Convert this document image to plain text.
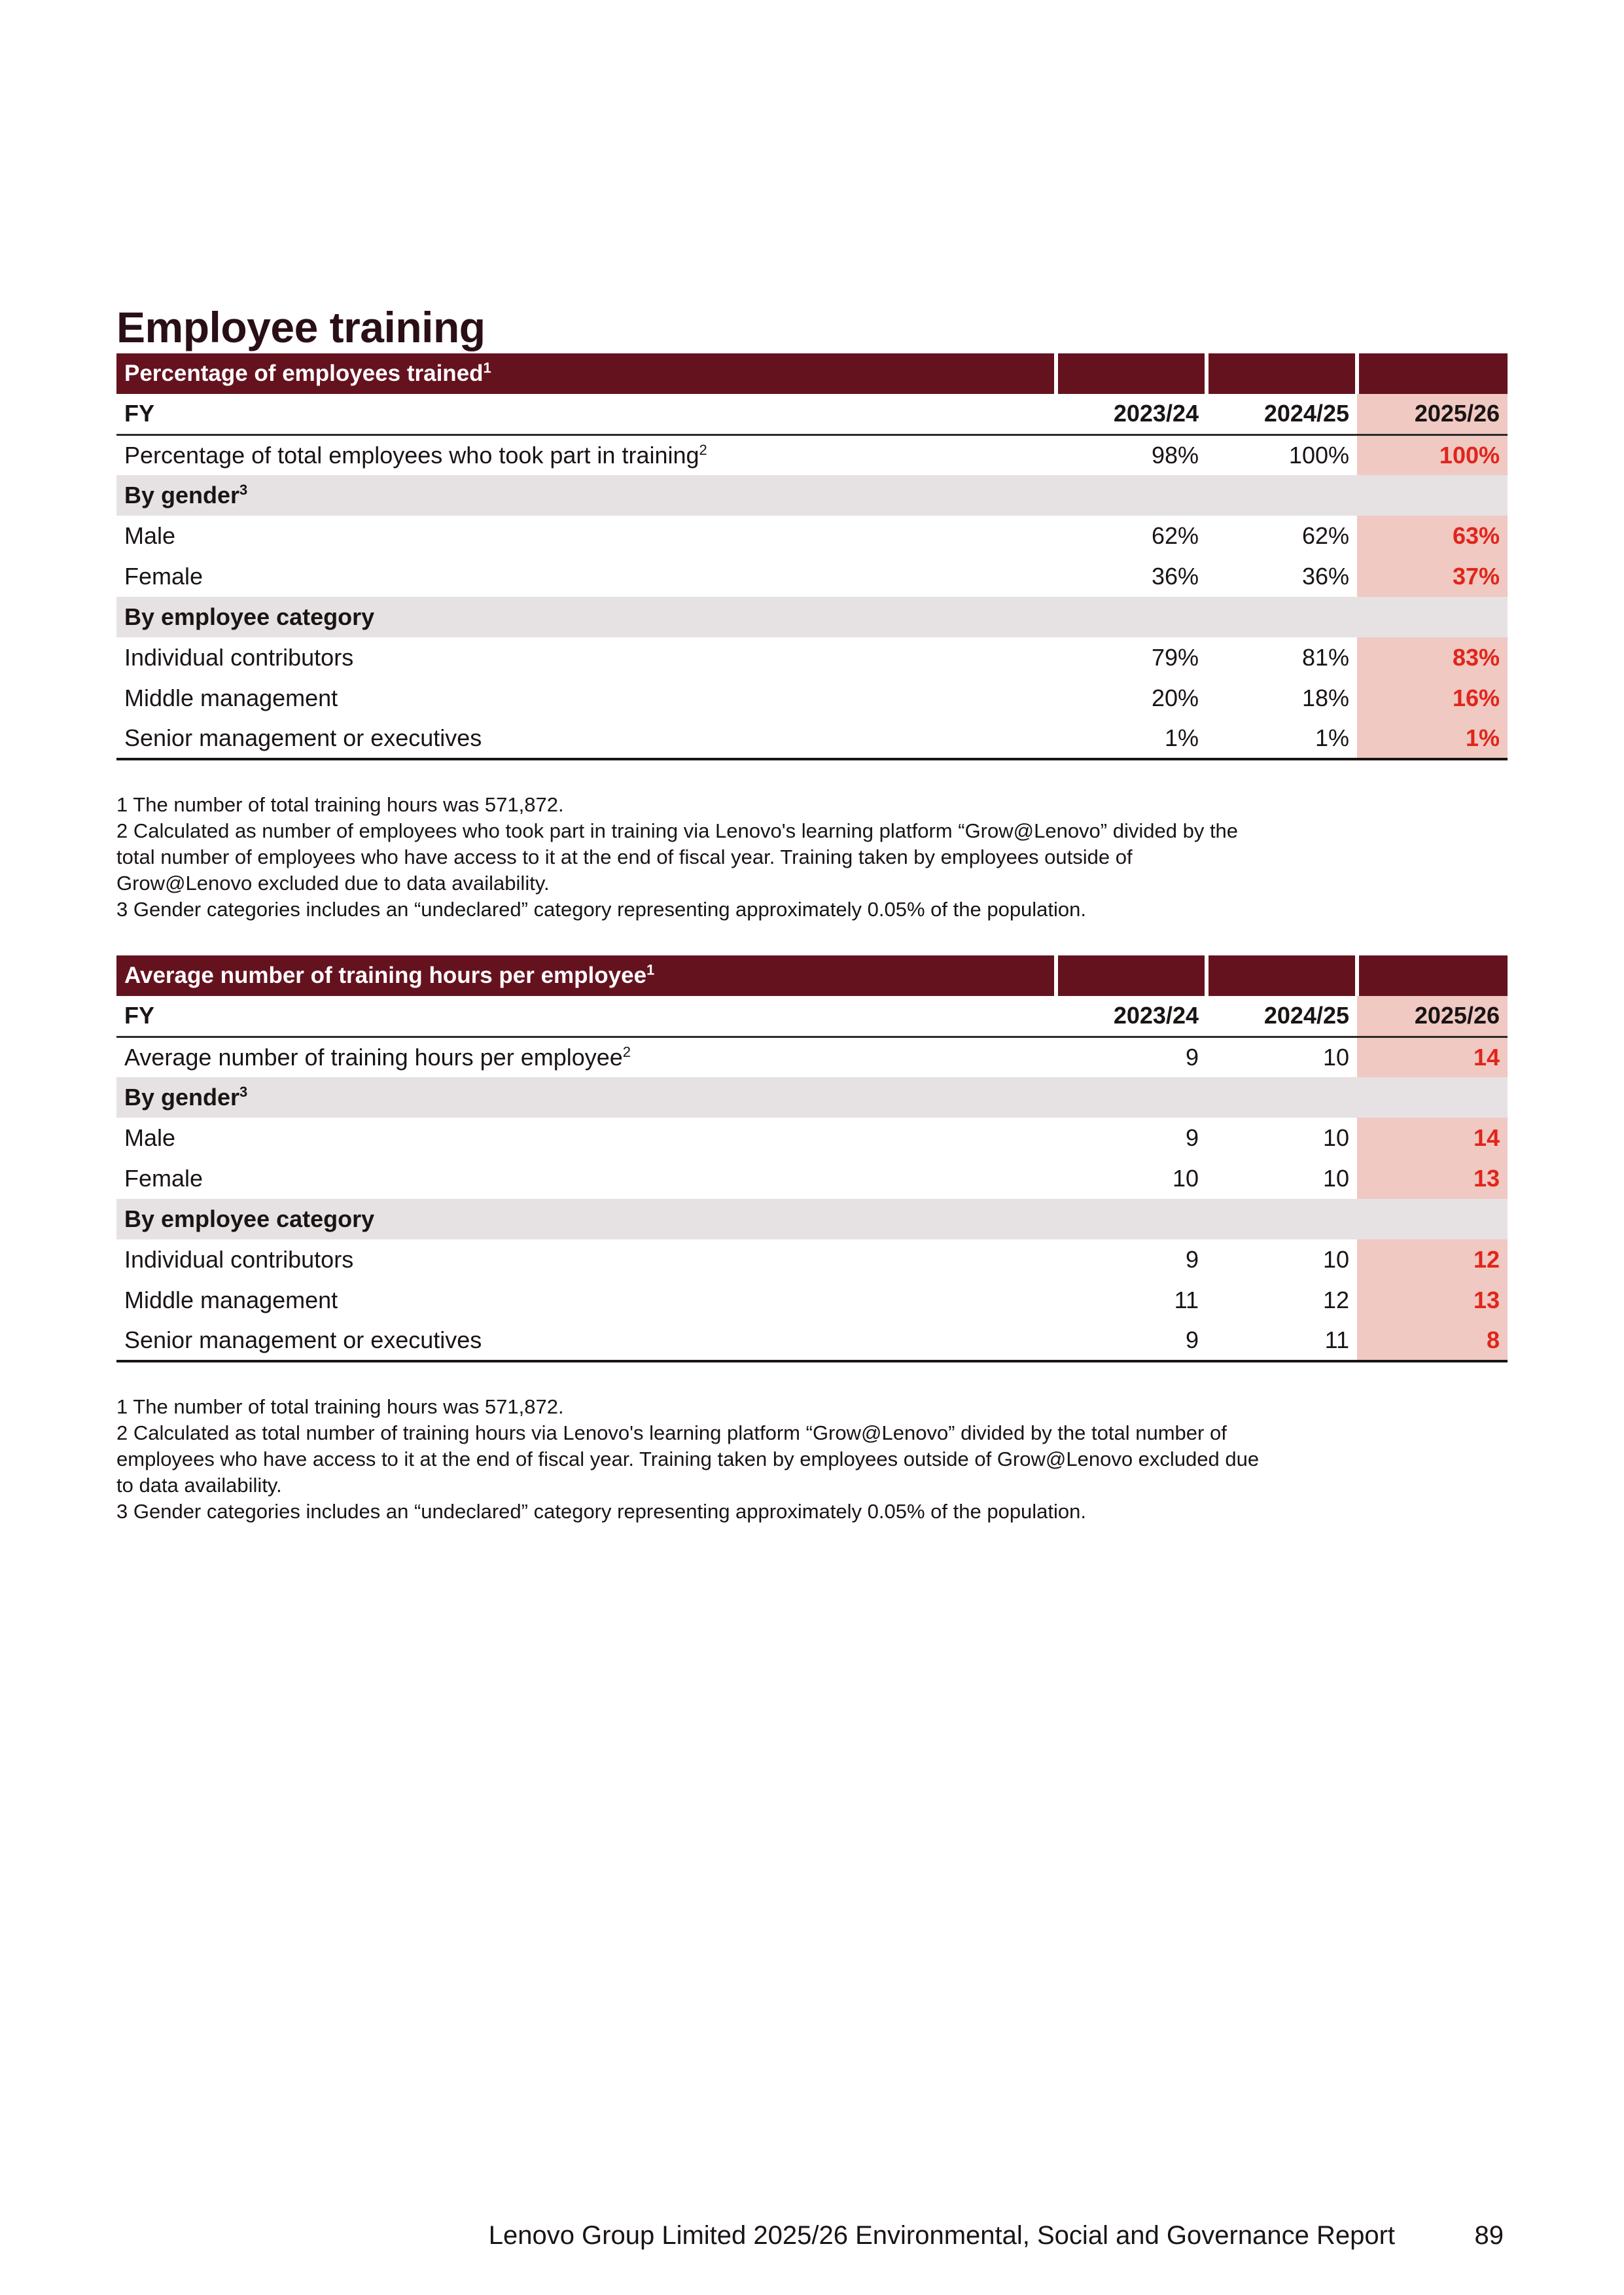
Employee training
Percentage of employees trained$^1$			
FY	2023/24	2024/25	2025/26
Percentage of total employees who took part in training$^2$	98%	100%	100%
By gender$^3$			
Male	62%	62%	63%
Female	36%	36%	37%
By employee category			
Individual contributors	79%	81%	83%
Middle management	20%	18%	16%
Senior management or executives	1%	1%	1%

1 The number of total training hours was 571,872.

2 Calculated as number of employees who took part in training via Lenovo's learning platform “Grow@Lenovo” divided by the

total number of employees who have access to it at the end of fiscal year. Training taken by employees outside of

Grow@Lenovo excluded due to data availability.

3 Gender categories includes an “undeclared” category representing approximately 0.05% of the population.

Average number of training hours per employee$^1$			
FY	2023/24	2024/25	2025/26
Average number of training hours per employee$^2$	9	10	14
By gender$^3$			
Male	9	10	14
Female	10	10	13
By employee category			
Individual contributors	9	10	12
Middle management	11	12	13
Senior management or executives	9	11	8

1 The number of total training hours was 571,872.

2 Calculated as total number of training hours via Lenovo's learning platform “Grow@Lenovo” divided by the total number of

employees who have access to it at the end of fiscal year. Training taken by employees outside of Grow@Lenovo excluded due

to data availability.

3 Gender categories includes an “undeclared” category representing approximately 0.05% of the population.

Lenovo Group Limited 2025/26 Environmental, Social and Governance Report	89
